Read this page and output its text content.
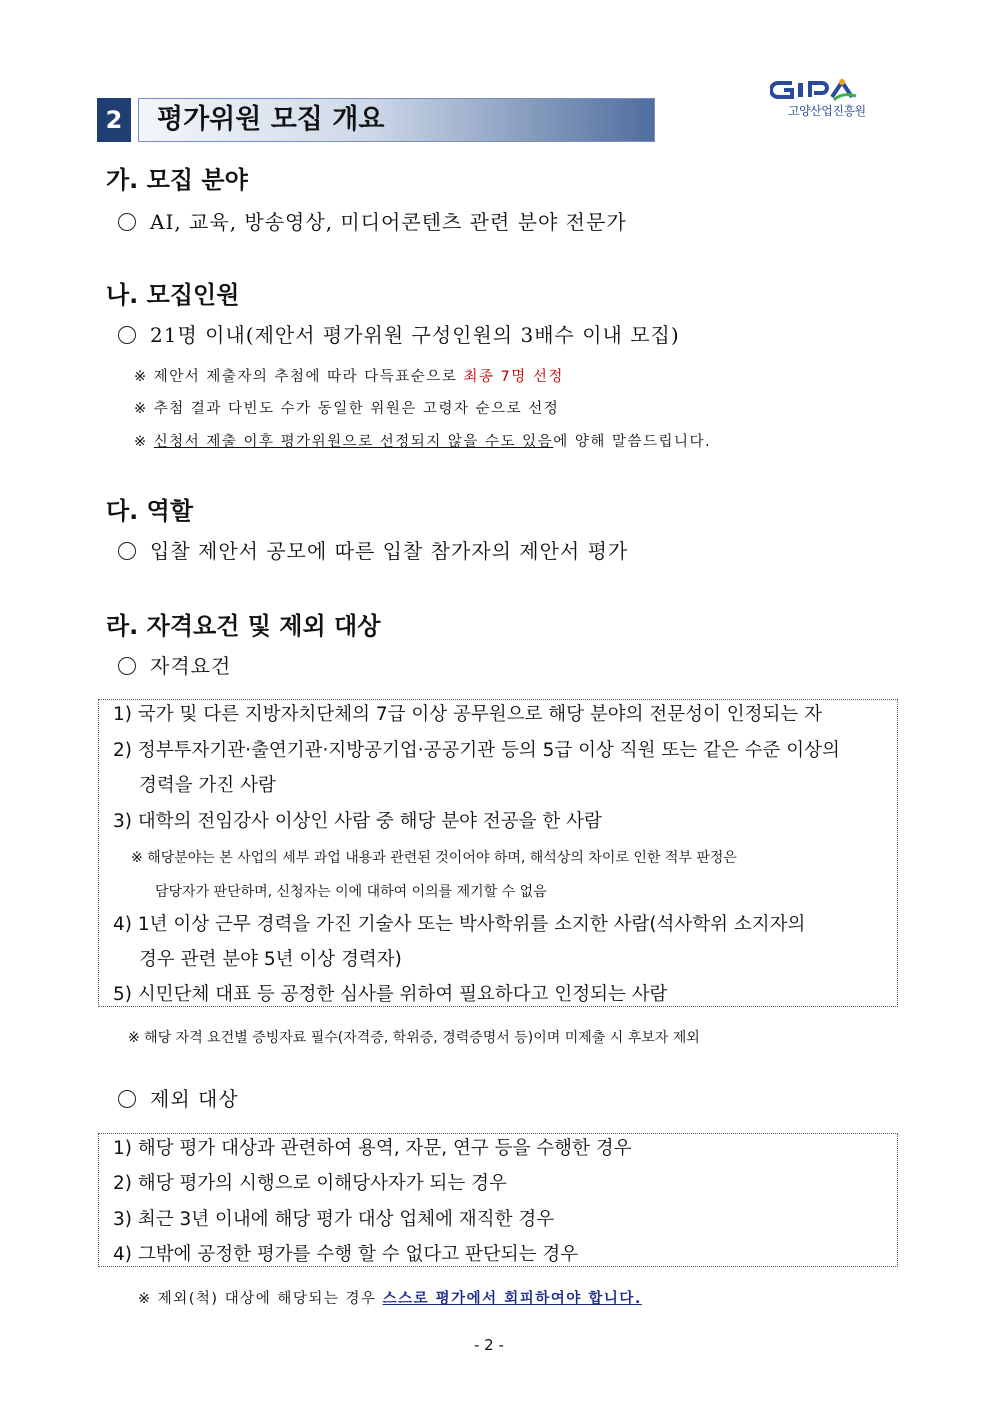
고양산업진흥원
2	평가위원 모집 개요
가. 모집 분야
AI, 교육, 방송영상, 미디어콘텐츠 관련 분야 전문가
나. 모집인원
21명 이내(제안서 평가위원 구성인원의 3배수 이내 모집)
※ 제안서 제출자의 추첨에 따라 다득표순으로 최종 7명 선정
※ 추첨 결과 다빈도 수가 동일한 위원은 고령자 순으로 선정
※ 신청서 제출 이후 평가위원으로 선정되지 않을 수도 있음에 양해 말씀드립니다.
다. 역할
입찰 제안서 공모에 따른 입찰 참가자의 제안서 평가
라. 자격요건 및 제외 대상
자격요건
1) 국가 및 다른 지방자치단체의 7급 이상 공무원으로 해당 분야의 전문성이 인정되는 자
2) 정부투자기관·출연기관·지방공기업·공공기관 등의 5급 이상 직원 또는 같은 수준 이상의
경력을 가진 사람
3) 대학의 전임강사 이상인 사람 중 해당 분야 전공을 한 사람
※ 해당분야는 본 사업의 세부 과업 내용과 관련된 것이어야 하며, 해석상의 차이로 인한 적부 판정은
담당자가 판단하며, 신청자는 이에 대하여 이의를 제기할 수 없음
4) 1년 이상 근무 경력을 가진 기술사 또는 박사학위를 소지한 사람(석사학위 소지자의
경우 관련 분야 5년 이상 경력자)
5) 시민단체 대표 등 공정한 심사를 위하여 필요하다고 인정되는 사람
※ 해당 자격 요건별 증빙자료 필수(자격증, 학위증, 경력증명서 등)이며 미제출 시 후보자 제외
제외 대상
1) 해당 평가 대상과 관련하여 용역, 자문, 연구 등을 수행한 경우
2) 해당 평가의 시행으로 이해당사자가 되는 경우
3) 최근 3년 이내에 해당 평가 대상 업체에 재직한 경우
4) 그밖에 공정한 평가를 수행 할 수 없다고 판단되는 경우
※ 제외(척) 대상에 해당되는 경우 스스로 평가에서 회피하여야 합니다.
- 2 -
